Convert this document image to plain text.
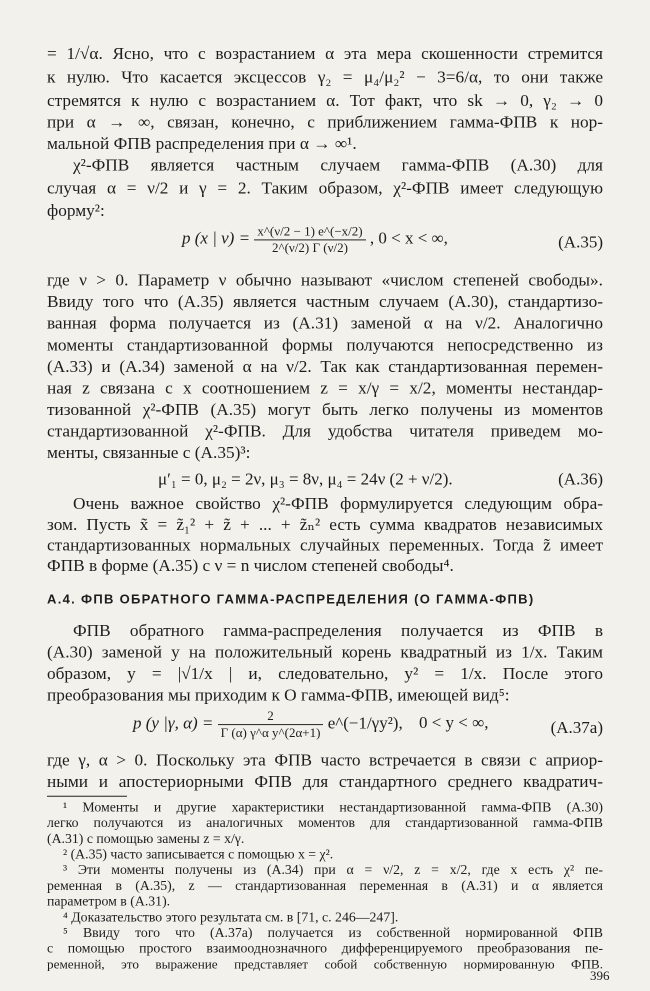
= 1/√α. Ясно, что с возрастанием α эта мера скошенности стремится
к нулю. Что касается эксцессов γ₂ = μ₄/μ₂² − 3=6/α, то они также
стремятся к нулю с возрастанием α. Тот факт, что sk → 0, γ₂ → 0
при α → ∞, связан, конечно, с приближением гамма-ФПВ к нор-
мальной ФПВ распределения при α → ∞¹.
χ²-ФПВ является частным случаем гамма-ФПВ (А.30) для
случая α = ν/2 и γ = 2. Таким образом, χ²-ФПВ имеет следующую
форму²:
p (x | $\nu) = \frac{x\^{}(\nu/2 - 1) e\^{}(-x/2)}{2\^{}(\nu/2) \Gamma (\nu/2)}$ , 0 < x < ∞,	(А.35)
где ν > 0. Параметр ν обычно называют «числом степеней свободы».
Ввиду того что (А.35) является частным случаем (А.30), стандартизо-
ванная форма получается из (А.31) заменой α на ν/2. Аналогично
моменты стандартизованной формы получаются непосредственно из
(А.33) и (А.34) заменой α на ν/2. Так как стандартизованная перемен-
ная z связана с x соотношением z = x/γ = x/2, моменты нестандар-
тизованной χ²-ФПВ (А.35) могут быть легко получены из моментов
стандартизованной χ²-ФПВ. Для удобства читателя приведем мо-
менты, связанные с (А.35)³:
μ′₁ = 0, μ₂ = 2ν, μ₃ = 8ν, μ₄ = 24ν (2 + ν/2).	(А.36)
Очень важное свойство χ²-ФПВ формулируется следующим обра-
зом. Пусть x̃ = z̃₁² + z̃ + ... + z̃ₙ² есть сумма квадратов независимых
стандартизованных нормальных случайных переменных. Тогда z̃ имеет
ФПВ в форме (А.35) с ν = n числом степеней свободы⁴.
А.4. ФПВ ОБРАТНОГО ГАММА-РАСПРЕДЕЛЕНИЯ (О ГАММА-ФПВ)
ФПВ обратного гамма-распределения получается из ФПВ в
(А.30) заменой y на положительный корень квадратный из 1/x. Таким
образом, y = |√1/x | и, следовательно, y² = 1/x. После этого
преобразования мы приходим к О гамма-ФПВ, имеющей вид⁵:
p (y |γ, $\alpha) = \frac{2}{\text{Γ (α) γ\textasciicircum{}α y\textasciicircum{}(2α+1)}}$ e^(−1/γy²), 0 < y < ∞,	(А.37а)
где γ, α > 0. Поскольку эта ФПВ часто встречается в связи с априор-
ными и апостериорными ФПВ для стандартного среднего квадратич-
¹ Моменты и другие характеристики нестандартизованной гамма-ФПВ (А.30)
легко получаются из аналогичных моментов для стандартизованной гамма-ФПВ
(А.31) с помощью замены z = x/γ.
² (А.35) часто записывается с помощью x = χ².
³ Эти моменты получены из (А.34) при α = ν/2, z = x/2, где x есть χ² пе-
ременная в (А.35), z — стандартизованная переменная в (А.31) и α является
параметром в (А.31).
⁴ Доказательство этого результата см. в [71, с. 246—247].
⁵ Ввиду того что (А.37а) получается из собственной нормированной ФПВ
с помощью простого взаимооднозначного дифференцируемого преобразования пе-
ременной, это выражение представляет собой собственную нормированную ФПВ.
396
